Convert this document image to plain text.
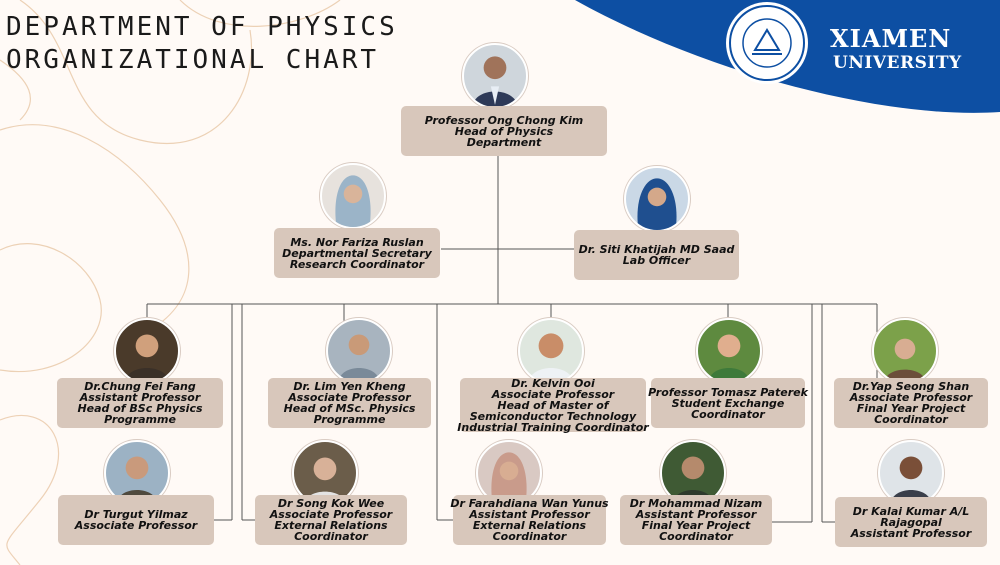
DEPARTMENT OF PHYSICS
ORGANIZATIONAL CHART
XIAMEN
UNIVERSITY
Professor Ong Chong Kim
Head of Physics
Department
Ms. Nor Fariza Ruslan
Departmental Secretary
Research Coordinator
Dr. Siti Khatijah MD Saad
Lab Officer
Dr.Chung Fei Fang
Assistant Professor
Head of BSc Physics
Programme
Dr. Lim Yen Kheng
Associate Professor
Head of MSc. Physics
Programme
Dr. Kelvin Ooi
Associate Professor
Head of Master of
Semiconductor Technology
Industrial Training Coordinator
Professor Tomasz Paterek
Student Exchange
Coordinator
Dr.Yap Seong Shan
Associate Professor
Final Year Project
Coordinator
Dr Turgut Yilmaz
Associate Professor
Dr Song Kok Wee
Associate Professor
External Relations
Coordinator
Dr Farahdiana Wan Yunus
Assistant Professor
External Relations
Coordinator
Dr Mohammad Nizam
Assistant Professor
Final Year Project
Coordinator
Dr Kalai Kumar A/L
Rajagopal
Assistant Professor
